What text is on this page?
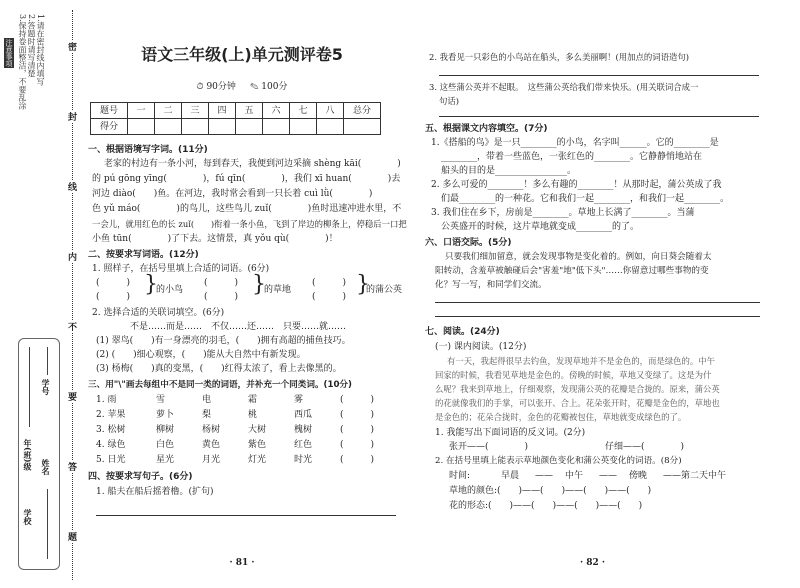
注意事项	1.请在密封线内填写
2.答题时请写清楚
3.保持卷面整洁，不要乱涂	密
封
线
内
不
要
答
题
学校
年(班)级 姓名
学号
语文三年级(上)单元测评卷5
⏱ 90分钟 ✎ 100分
题号	一	二	三	四	五	六	七	八	总分
得分									
一、根据语境写字词。(11分)
老家的村边有一条小河，每到春天，我便到河边采摘 shèng kāi(　　　　)
的 pú gōng yīng(　　　　)，fú qīn(　　　　)，我们 xī huan(　　　　)去
河边 diào(　　)鱼。在河边，我时常会看到一只长着 cuì lǜ(　　　　)
色 yǔ máo(　　　　)的鸟儿，这些鸟儿 zuǐ(　　　　)鱼时迅速冲进水里，不
一会儿，就用红色的长 zuǐ(　　)衔着一条小鱼，飞到了岸边的柳条上，停稳后一口把
小鱼 tūn(　　　　)了下去。这情景，真 yǒu qù(　　　　)！
二、按要求写词语。(12分)
1. 照样子，在括号里填上合适的词语。(6分)
(　　　)
(　　　) }
的小鸟
(　　　)
(　　　) }
的草地
(　　　)
(　　　) }
的蒲公英
2. 选择合适的关联词填空。(6分)
不是……而是……　不仅……还……　只要……就……
(1) 翠鸟(　　)有一身漂亮的羽毛，(　　)拥有高超的捕鱼技巧。
(2) (　　)细心观察，(　　)能从大自然中有新发现。
(3) 杨梅(　　)真的变黑，(　　)红得太浓了，看上去像黑的。
三、用"\"画去每组中不是同一类的词语，并补充一个同类词。(10分)
1. 雨	雪	电	霜	雾	(　　　)
2. 苹果	萝卜	梨	桃	西瓜	(　　　)
3. 松树	柳树	杨树	大树	槐树	(　　　)
4. 绿色	白色	黄色	紫色	红色	(　　　)
5. 日光	星光	月光	灯光	时光	(　　　)
四、按要求写句子。(6分)
1. 船夫在船后摇着橹。(扩句)
· 81 ·
2. 我看见一只彩色的小鸟站在船头，多么美丽啊！(用加点的词语造句)
3. 这些蒲公英并不起眼。　这些蒲公英给我们带来快乐。(用关联词合成一
句话)
五、根据课文内容填空。(7分)
1.《搭船的鸟》是一只________的小鸟，名字叫______。它的________是
________，带着一些蓝色，一张红色的________。它静静悄地站在
船头的目的是________________。
2. 多么可爱的________！多么有趣的________！从那时起，蒲公英成了我
们最________的一种花。它和我们一起________，和我们一起________。
3. 我们住在乡下，房前是________。草地上长满了________。当蒲
公英盛开的时候，这片草地就变成________的了。
六、口语交际。(5分)
只要我们细加留意，就会发现事物是变化着的。例如，向日葵会随着太
阳转动，含羞草被触碰后会"害羞"地"低下头"……你留意过哪些事物的变
化？写一写，和同学们交流。
七、阅读。(24分)
(一) 课内阅读。(12分)
有一天，我起得很早去钓鱼，发现草地并不是金色的，而是绿色的。中午
回家的时候，我看见草地是金色的。傍晚的时候，草地又变绿了。这是为什
么呢？我来到草地上，仔细观察，发现蒲公英的花瓣是合拢的。原来，蒲公英
的花就像我们的手掌，可以张开、合上。花朵张开时，花瓣是金色的，草地也
是金色的；花朵合拢时，金色的花瓣被包住，草地就变成绿色的了。
1. 我能写出下面词语的反义词。(2分)
张开——(　　　　)	仔细——(　　　　)
2. 在括号里填上能表示草地颜色变化和蒲公英变化的词语。(8分)
时间:	早晨 —— 中午 —— 傍晚 ——第二天中午
草地的颜色:(　　)——(　　)——(　　)——(　　)
花的形态:(　　)——(　　)——(　　)——(　　)
· 82 ·
